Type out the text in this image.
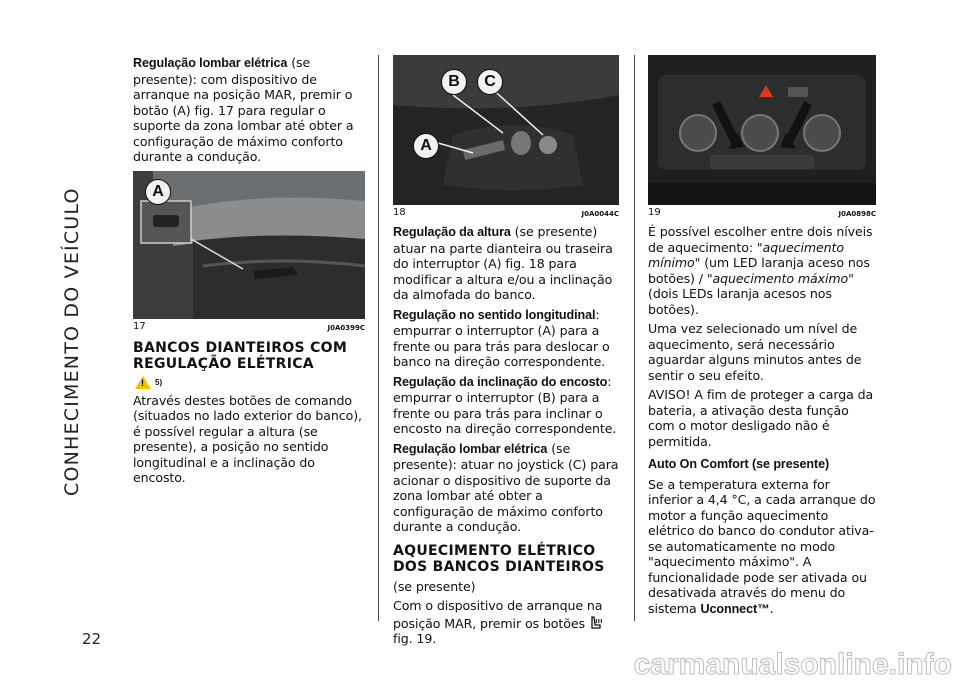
CONHECIMENTO DO VEÍCULO
22

Regulação lombar elétrica (se presente): com dispositivo de arranque na posição MAR, premir o botão (A) fig. 17 para regular o suporte da zona lombar até obter a configuração de máximo conforto durante a condução.

A
17	J0A0399C
BANCOS DIANTEIROS COM REGULAÇÃO ELÉTRICA
!
5)

Através destes botões de comando (situados no lado exterior do banco), é possível regular a altura (se presente), a posição no sentido longitudinal e a inclinação do encosto.

B	C
A
18	J0A0044C

Regulação da altura (se presente) atuar na parte dianteira ou traseira do interruptor (A) fig. 18 para modificar a altura e/ou a inclinação da almofada do banco.

Regulação no sentido longitudinal: empurrar o interruptor (A) para a frente ou para trás para deslocar o banco na direção correspondente.

Regulação da inclinação do encosto: empurrar o interruptor (B) para a frente ou para trás para inclinar o encosto na direção correspondente.

Regulação lombar elétrica (se presente): atuar no joystick (C) para acionar o dispositivo de suporte da zona lombar até obter a configuração de máximo conforto durante a condução.

AQUECIMENTO ELÉTRICO DOS BANCOS DIANTEIROS

(se presente)

Com o dispositivo de arranque na posição MAR, premir os botões
fig. 19.

19	J0A0898C

É possível escolher entre dois níveis de aquecimento: "aquecimento mínimo" (um LED laranja aceso nos botões) / "aquecimento máximo" (dois LEDs laranja acesos nos botões).

Uma vez selecionado um nível de aquecimento, será necessário aguardar alguns minutos antes de sentir o seu efeito.

AVISO! A fim de proteger a carga da bateria, a ativação desta função com o motor desligado não é permitida.

Auto On Comfort (se presente)

Se a temperatura externa for inferior a 4,4 °C, a cada arranque do motor a função aquecimento elétrico do banco do condutor ativa-se automaticamente no modo "aquecimento máximo". A funcionalidade pode ser ativada ou desativada através do menu do sistema Uconnect™.

carmanualsonline.info
